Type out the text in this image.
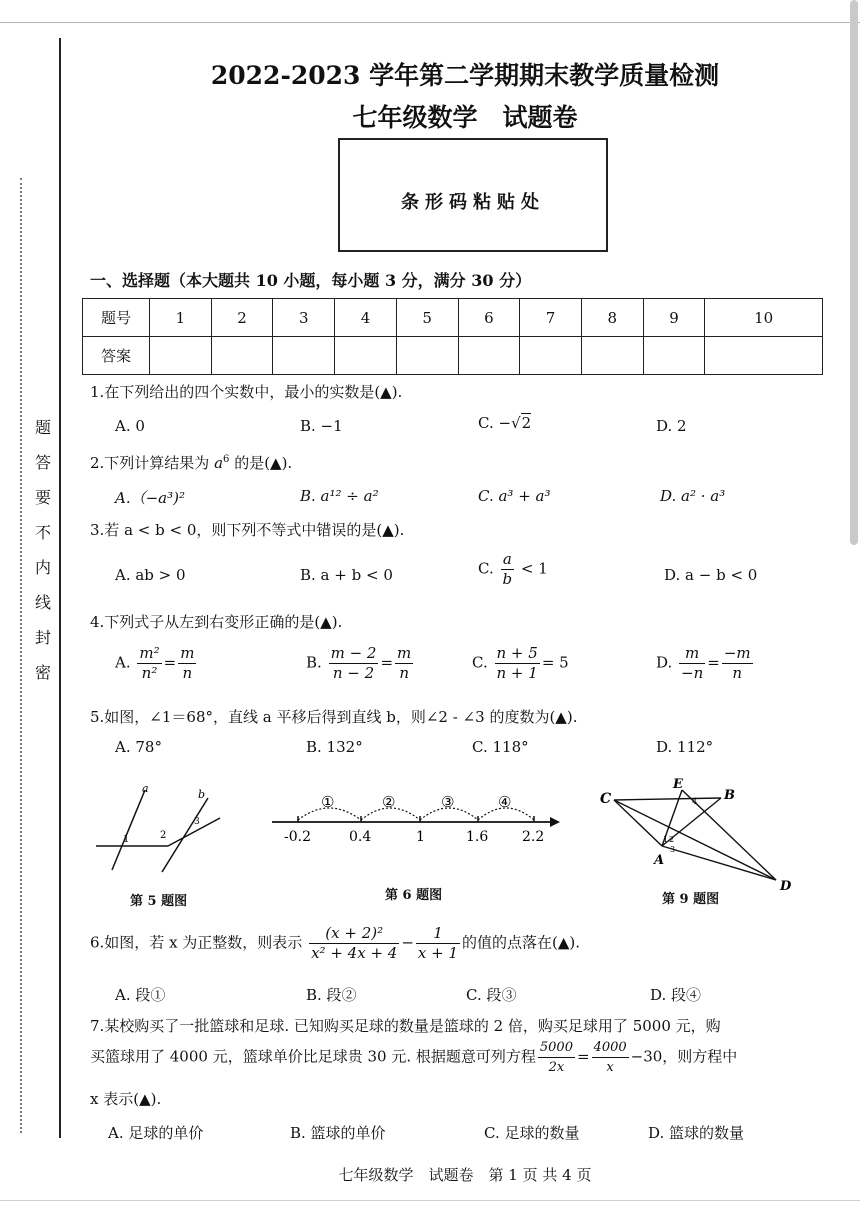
题
答
要
不
内
线
封
密
2022-2023 学年第二学期期末教学质量检测
七年级数学　试题卷
条形码粘贴处
一、选择题（本大题共 10 小题，每小题 3 分，满分 30 分）
题号	1	2	3	4	5	6	7	8	9	10
答案										
1.在下列给出的四个实数中，最小的实数是(▲).
A. 0	B. −1	C. −√2	D. 2
2.下列计算结果为 $a^6$ 的是(▲).
A.（−a³)²	B. a¹² ÷ a²	C. a³ + a³	D. a² · a³
3.若 a < b < 0，则下列不等式中错误的是(▲).
A. ab > 0	B. a + b < 0	C. $\frac{a}{b} < 1$	D. a − b < 0
4.下列式子从左到右变形正确的是(▲).
A. $\frac{\text{m²}}{\text{n²}} = \frac{m}{n}$	B. $\frac{m - 2}{n - 2} = \frac{m}{n}$	C. $\frac{n + 5}{n + 1} = 5$	D. $\frac{m}{-n} = \frac{-m}{n}$
5.如图，∠1＝68°，直线 a 平移后得到直线 b，则∠2 - ∠3 的度数为(▲).
A. 78°	B. 132°	C. 118°	D. 112°
a	b
1	2
3
第 5 题图
①	②	③	④
-0.2	0.4	1	1.6 2.2
第 6 题图
C
E
B
A
D
1 2
3
4
第 9 题图
6.如图，若 x 为正整数，则表示 $\frac{\text{(x + 2)²}}{\text{x² + 4x + 4}} - \frac{1}{x + 1}$ 的值的点落在(▲).
A. 段①	B. 段②	C. 段③	D. 段④
7.某校购买了一批篮球和足球. 已知购买足球的数量是篮球的 2 倍，购买足球用了 5000 元，购
买篮球用了 4000 元，篮球单价比足球贵 30 元. 根据题意可列方程 $\frac{5000}{2x} = \frac{4000}{x} -30$，则方程中
x 表示(▲).
A. 足球的单价	B. 篮球的单价	C. 足球的数量	D. 篮球的数量
七年级数学　试题卷　第 1 页 共 4 页
